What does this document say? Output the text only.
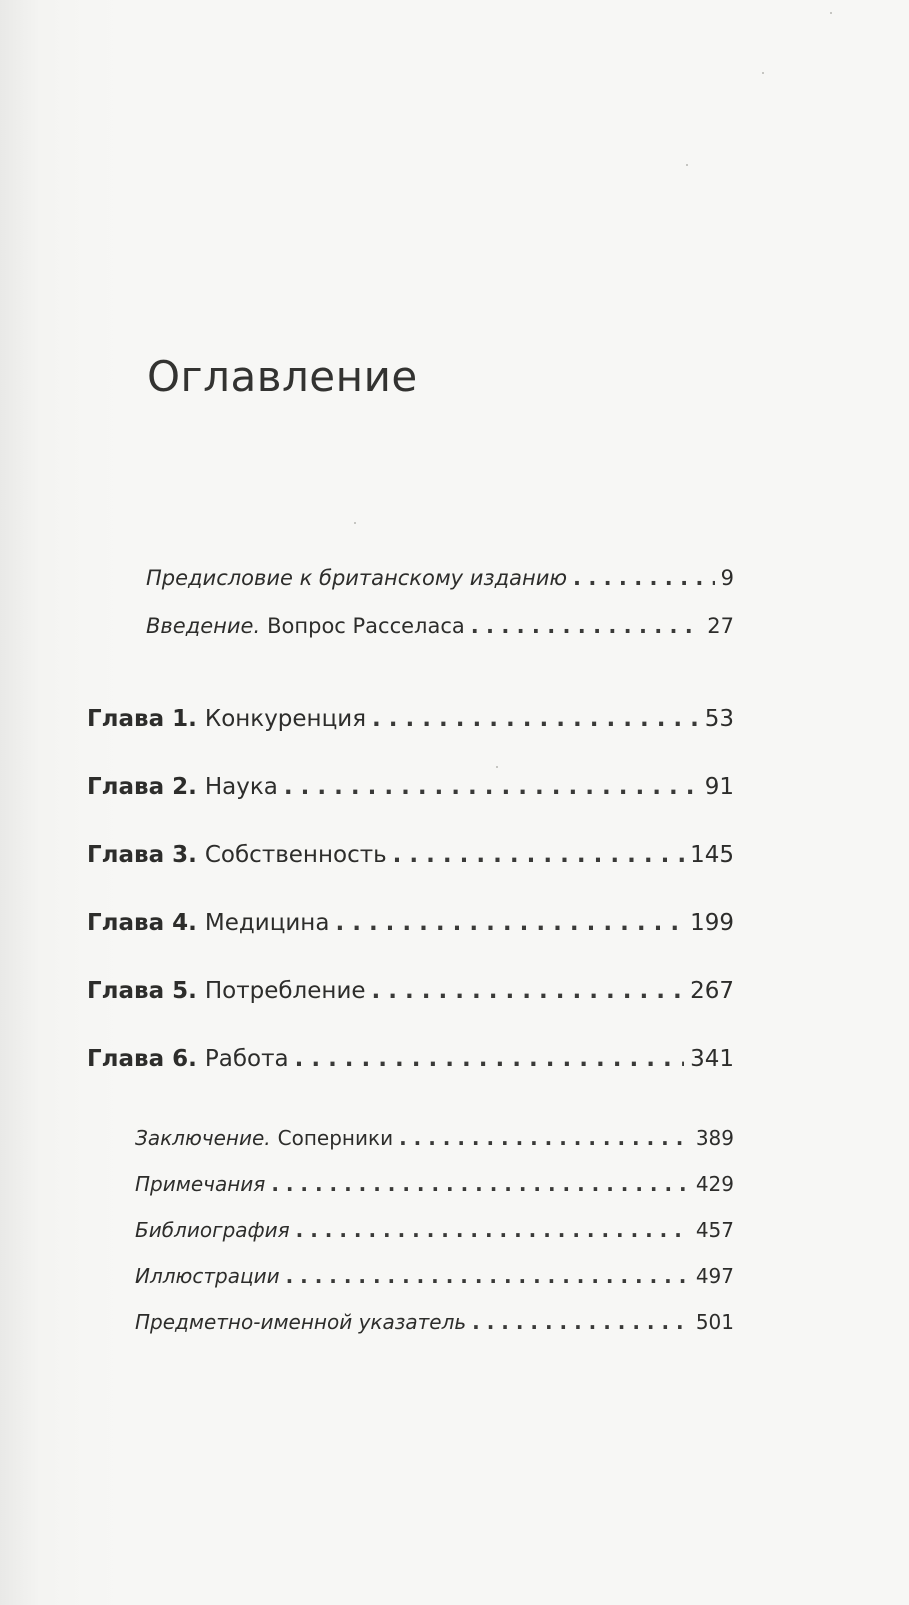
Оглавление
Предисловие к британскому изданию . . .	9
Введение. Вопрос Расселаса . . .	27
Глава 1. Конкуренция . . .	53
Глава 2. Наука . . .	91
Глава 3. Собственность . . .	145
Глава 4. Медицина . . .	199
Глава 5. Потребление . . .	267
Глава 6. Работа . . .	341
Заключение. Соперники . . .	389
Примечания . . .	429
Библиография . . .	457
Иллюстрации . . .	497
Предметно-именной указатель . . .	501
